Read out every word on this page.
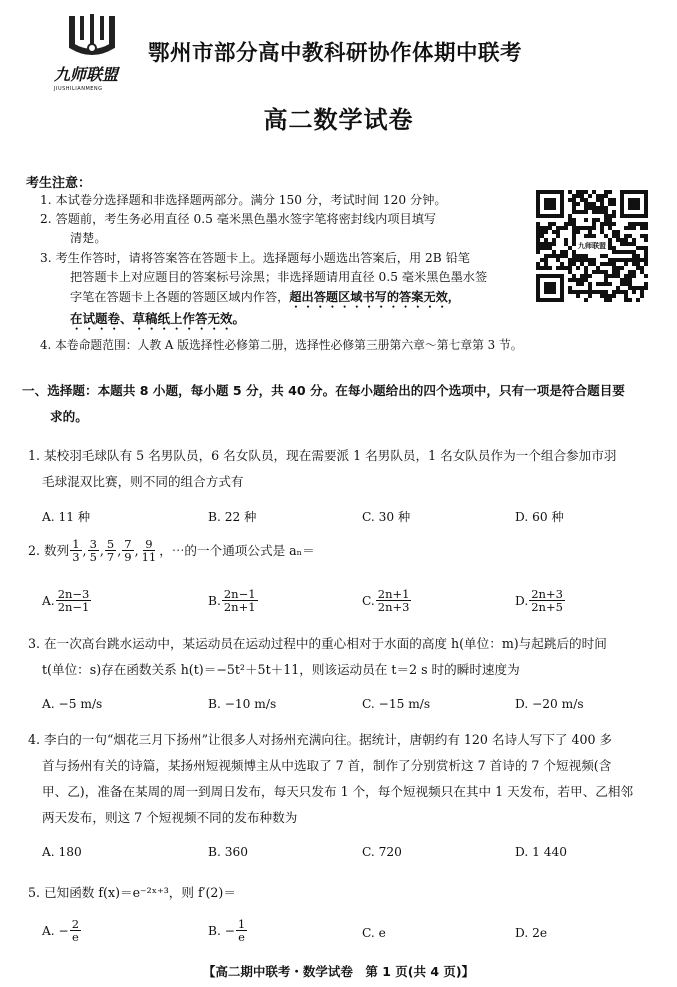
九师联盟
JIUSHILIANMENG
鄂州市部分高中教科研协作体期中联考
高二数学试卷
考生注意：
1. 本试卷分选择题和非选择题两部分。满分 150 分，考试时间 120 分钟。
2. 答题前，考生务必用直径 0.5 毫米黑色墨水签字笔将密封线内项目填写
清楚。
3. 考生作答时，请将答案答在答题卡上。选择题每小题选出答案后，用 2B 铅笔
把答题卡上对应题目的答案标号涂黑；非选择题请用直径 0.5 毫米黑色墨水签
字笔在答题卡上各题的答题区域内作答，超出答题区域书写的答案无效，
在试题卷、草稿纸上作答无效。
4. 本卷命题范围：人教 A 版选择性必修第二册，选择性必修第三册第六章～第七章第 3 节。
九师联盟
一、选择题：本题共 8 小题，每小题 5 分，共 40 分。在每小题给出的四个选项中，只有一项是符合题目要
求的。
1. 某校羽毛球队有 5 名男队员，6 名女队员，现在需要派 1 名男队员，1 名女队员作为一个组合参加市羽
毛球混双比赛，则不同的组合方式有
A. 11 种	B. 22 种	C. 30 种	D. 60 种
2. 数列 $\frac{1}{3}$ , $\frac{3}{5}$ , $\frac{5}{7}$ , $\frac{7}{9}$ , $\frac{9}{11}$ ，⋯的一个通项公式是 aₙ＝
A. $\frac{2n-3}{2n-1}$	B. $\frac{2n-1}{2n+1}$	C. $\frac{2n+1}{2n+3}$	D. $\frac{2n+3}{2n+5}$
3. 在一次高台跳水运动中，某运动员在运动过程中的重心相对于水面的高度 h(单位：m)与起跳后的时间
t(单位：s)存在函数关系 h(t)＝−5t²＋5t＋11，则该运动员在 t＝2 s 时的瞬时速度为
A. −5 m/s	B. −10 m/s	C. −15 m/s	D. −20 m/s
4. 李白的一句“烟花三月下扬州”让很多人对扬州充满向往。据统计，唐朝约有 120 名诗人写下了 400 多
首与扬州有关的诗篇，某扬州短视频博主从中选取了 7 首，制作了分别赏析这 7 首诗的 7 个短视频(含
甲、乙)，准备在某周的周一到周日发布，每天只发布 1 个，每个短视频只在其中 1 天发布，若甲、乙相邻
两天发布，则这 7 个短视频不同的发布种数为
A. 180	B. 360	C. 720	D. 1 440
5. 已知函数 f(x)＝e⁻²ˣ⁺³，则 f′(2)＝
A. − $\frac{2}{e}$	B. − $\frac{1}{e}$	C. e	D. 2e
【高二期中联考・数学试卷　第 1 页(共 4 页)】
